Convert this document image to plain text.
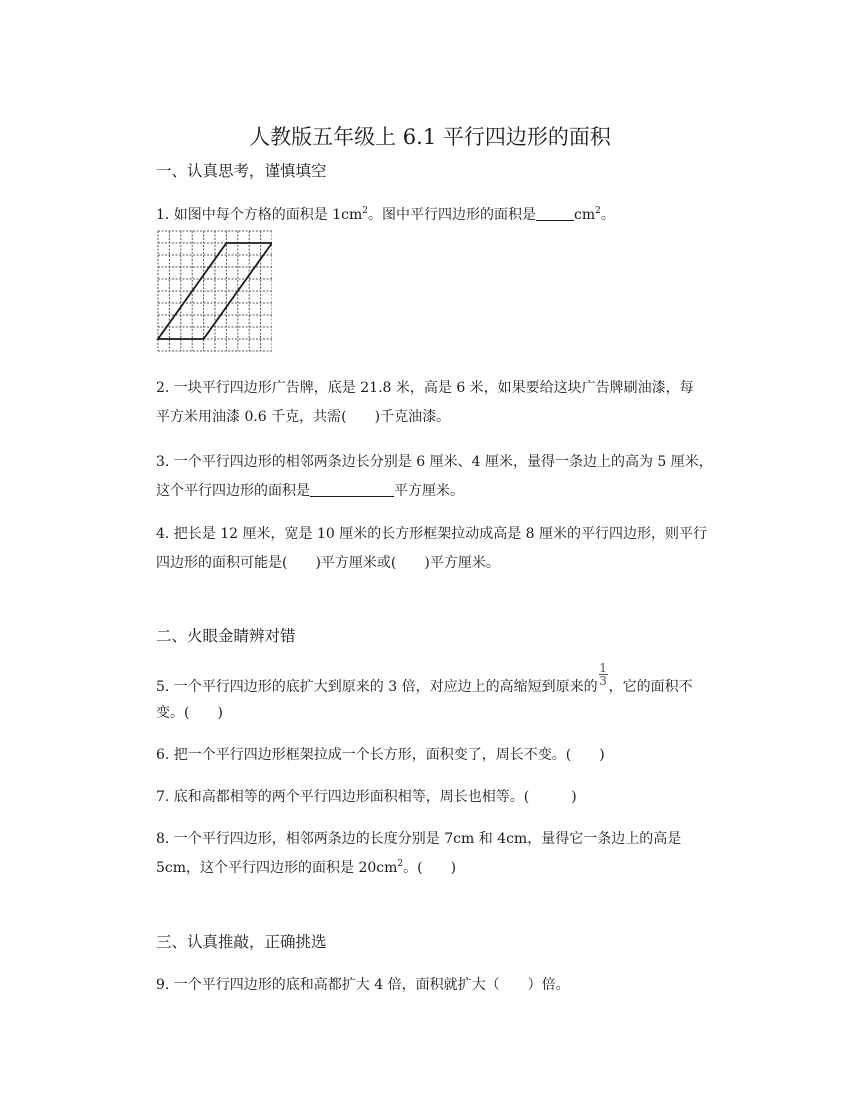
人教版五年级上 6.1 平行四边形的面积
一、认真思考，谨慎填空
1. 如图中每个方格的面积是 $1cm^2$。图中平行四边形的面积是	$cm^2$。
2. 一块平行四边形广告牌，底是 21.8 米，高是 6 米，如果要给这块广告牌刷油漆，每
平方米用油漆 0.6 千克，共需(　　)千克油漆。
3. 一个平行四边形的相邻两条边长分别是 6 厘米、4 厘米，量得一条边上的高为 5 厘米，
这个平行四边形的面积是	平方厘米。
4. 把长是 12 厘米，宽是 10 厘米的长方形框架拉动成高是 8 厘米的平行四边形，则平行
四边形的面积可能是(　　)平方厘米或(　　)平方厘米。
二、火眼金睛辨对错
5. 一个平行四边形的底扩大到原来的 3 倍，对应边上的高缩短到原来的 $\frac{1}{3}$ ，它的面积不
变。(　　)
6. 把一个平行四边形框架拉成一个长方形，面积变了，周长不变。(　　)
7. 底和高都相等的两个平行四边形面积相等，周长也相等。(　　　)
8. 一个平行四边形，相邻两条边的长度分别是 7cm 和 4cm，量得它一条边上的高是
5cm，这个平行四边形的面积是 $20cm^2$。(　　)
三、认真推敲，正确挑选
9. 一个平行四边形的底和高都扩大 4 倍，面积就扩大（　　）倍。
